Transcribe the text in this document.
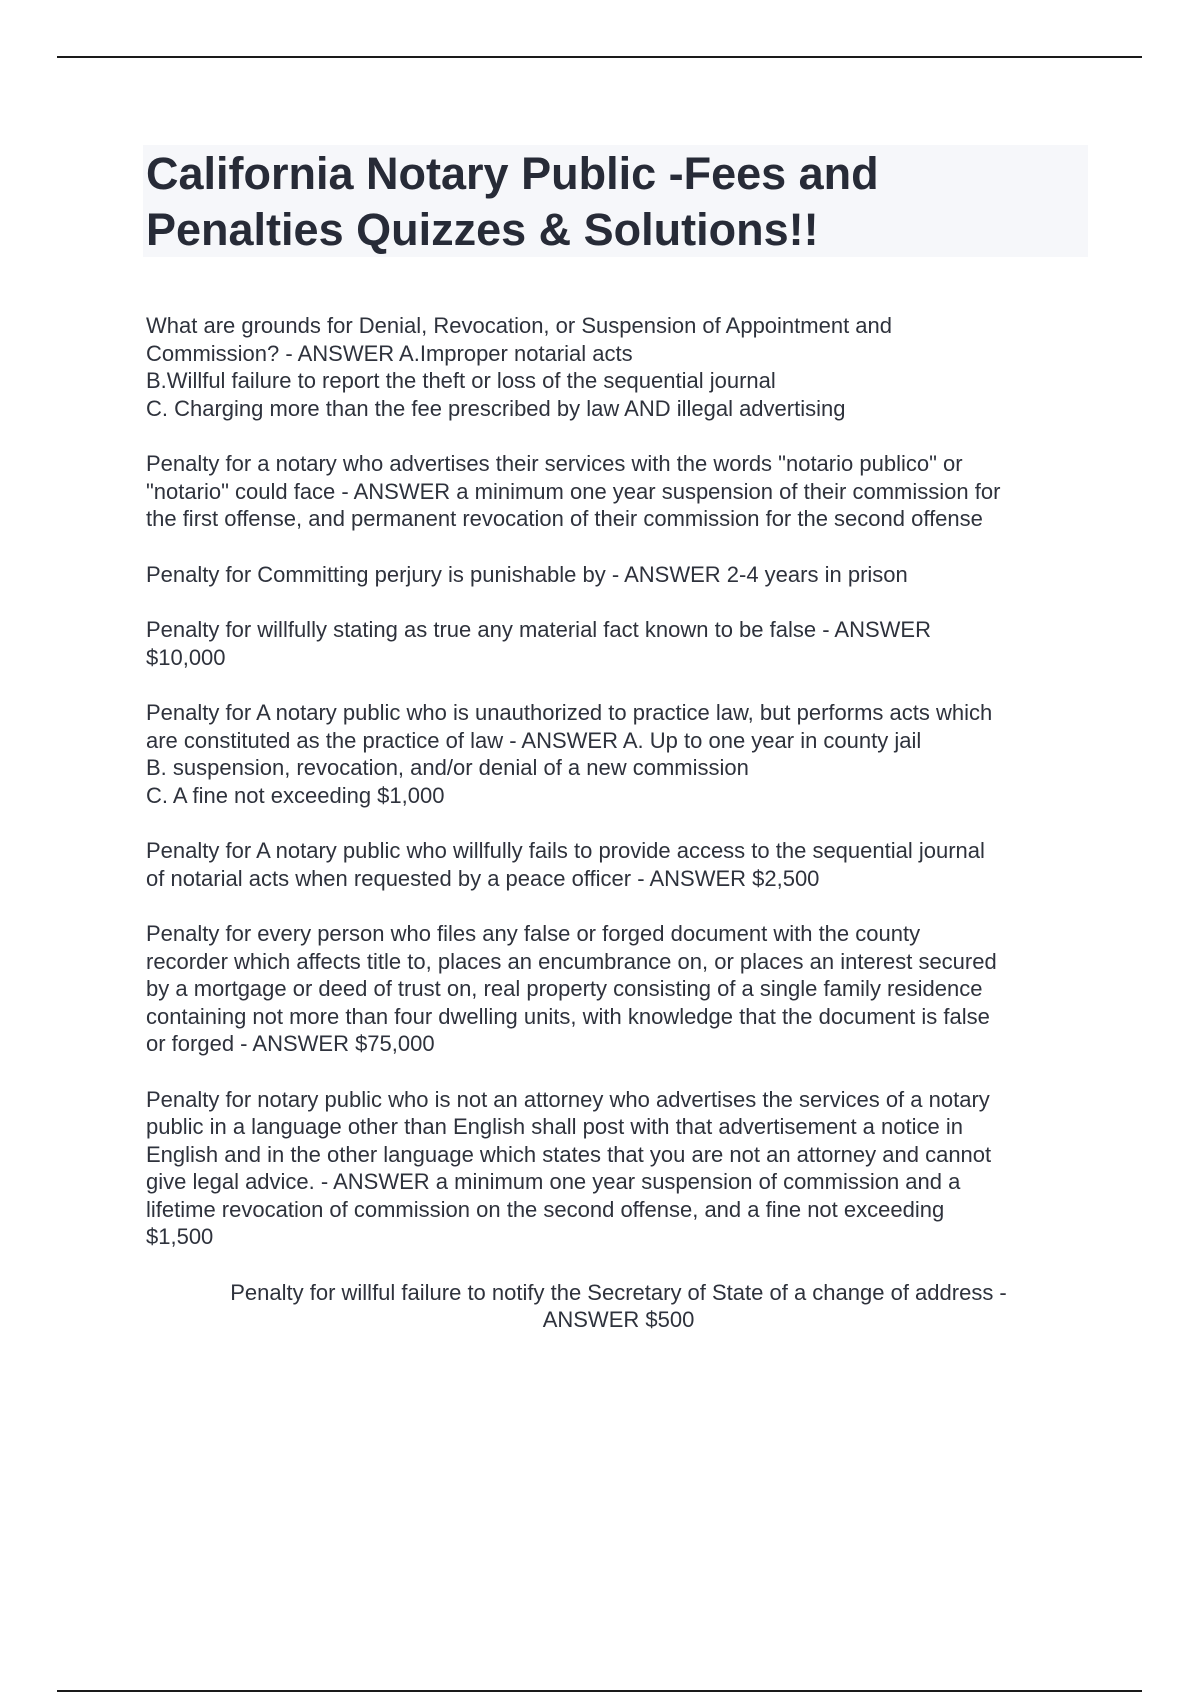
California Notary Public -Fees and
Penalties Quizzes & Solutions!!

What are grounds for Denial, Revocation, or Suspension of Appointment and
Commission? - ANSWER A.Improper notarial acts
B.Willful failure to report the theft or loss of the sequential journal
C. Charging more than the fee prescribed by law AND illegal advertising

Penalty for a notary who advertises their services with the words "notario publico" or
"notario" could face - ANSWER a minimum one year suspension of their commission for
the first offense, and permanent revocation of their commission for the second offense

Penalty for Committing perjury is punishable by - ANSWER 2-4 years in prison

Penalty for willfully stating as true any material fact known to be false - ANSWER
$10,000

Penalty for A notary public who is unauthorized to practice law, but performs acts which
are constituted as the practice of law - ANSWER A. Up to one year in county jail
B. suspension, revocation, and/or denial of a new commission
C. A fine not exceeding $1,000

Penalty for A notary public who willfully fails to provide access to the sequential journal
of notarial acts when requested by a peace officer - ANSWER $2,500

Penalty for every person who files any false or forged document with the county
recorder which affects title to, places an encumbrance on, or places an interest secured
by a mortgage or deed of trust on, real property consisting of a single family residence
containing not more than four dwelling units, with knowledge that the document is false
or forged - ANSWER $75,000

Penalty for notary public who is not an attorney who advertises the services of a notary
public in a language other than English shall post with that advertisement a notice in
English and in the other language which states that you are not an attorney and cannot
give legal advice. - ANSWER a minimum one year suspension of commission and a
lifetime revocation of commission on the second offense, and a fine not exceeding
$1,500

Penalty for willful failure to notify the Secretary of State of a change of address -
ANSWER $500
